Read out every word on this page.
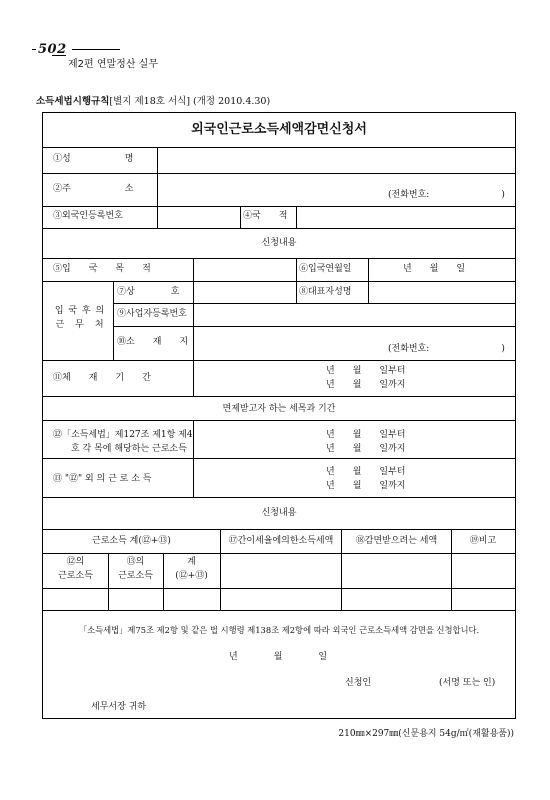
502
제2편 연말정산 실무
소득세법시행규칙[별지 제18호 서식] (개정 2010.4.30)
외국인근로소득세액감면신청서
①성　　　　　　명
②주　　　　　　소
(전화번호:　　　　　　　　)
③외국인등록번호	④국　　적
신청내용
⑤입　　국　　목　　적	⑥입국연월일	년　　월　　일
입 국 후 의 근　무　처
⑦상　　　　호	⑧대표자성명
⑨사업자등록번호
⑩소　　재　　지
(전화번호:　　　　　　　　)
⑪체　　재　　기　　간
년　　월　　일부터
년　　월　　일까지
면제받고자 하는 세목과 기간
⑫「소득세법」제127조 제1항 제4
호 각 목에 해당하는 근로소득
년　　월　　일부터
년　　월　　일까지
⑬ "⑫" 외 의 근 로 소 득
년　　월　　일부터
년　　월　　일까지
신청내용
근로소득 계(⑫+⑬)	⑰간이세율에의한소득세액	⑱감면받으려는 세액	⑲비고
⑫의
근로소득
⑬의
근로소득
계
(⑫+⑬)
「소득세법」제75조 제2항 및 같은 법 시행령 제138조 제2항에 따라 외국인 근로소득세액 감면을 신청합니다.
년　　　　월　　　　일
신청인	(서명 또는 인)
세무서장 귀하
210㎜×297㎜(신문용지 54g/㎡(재활용품))
